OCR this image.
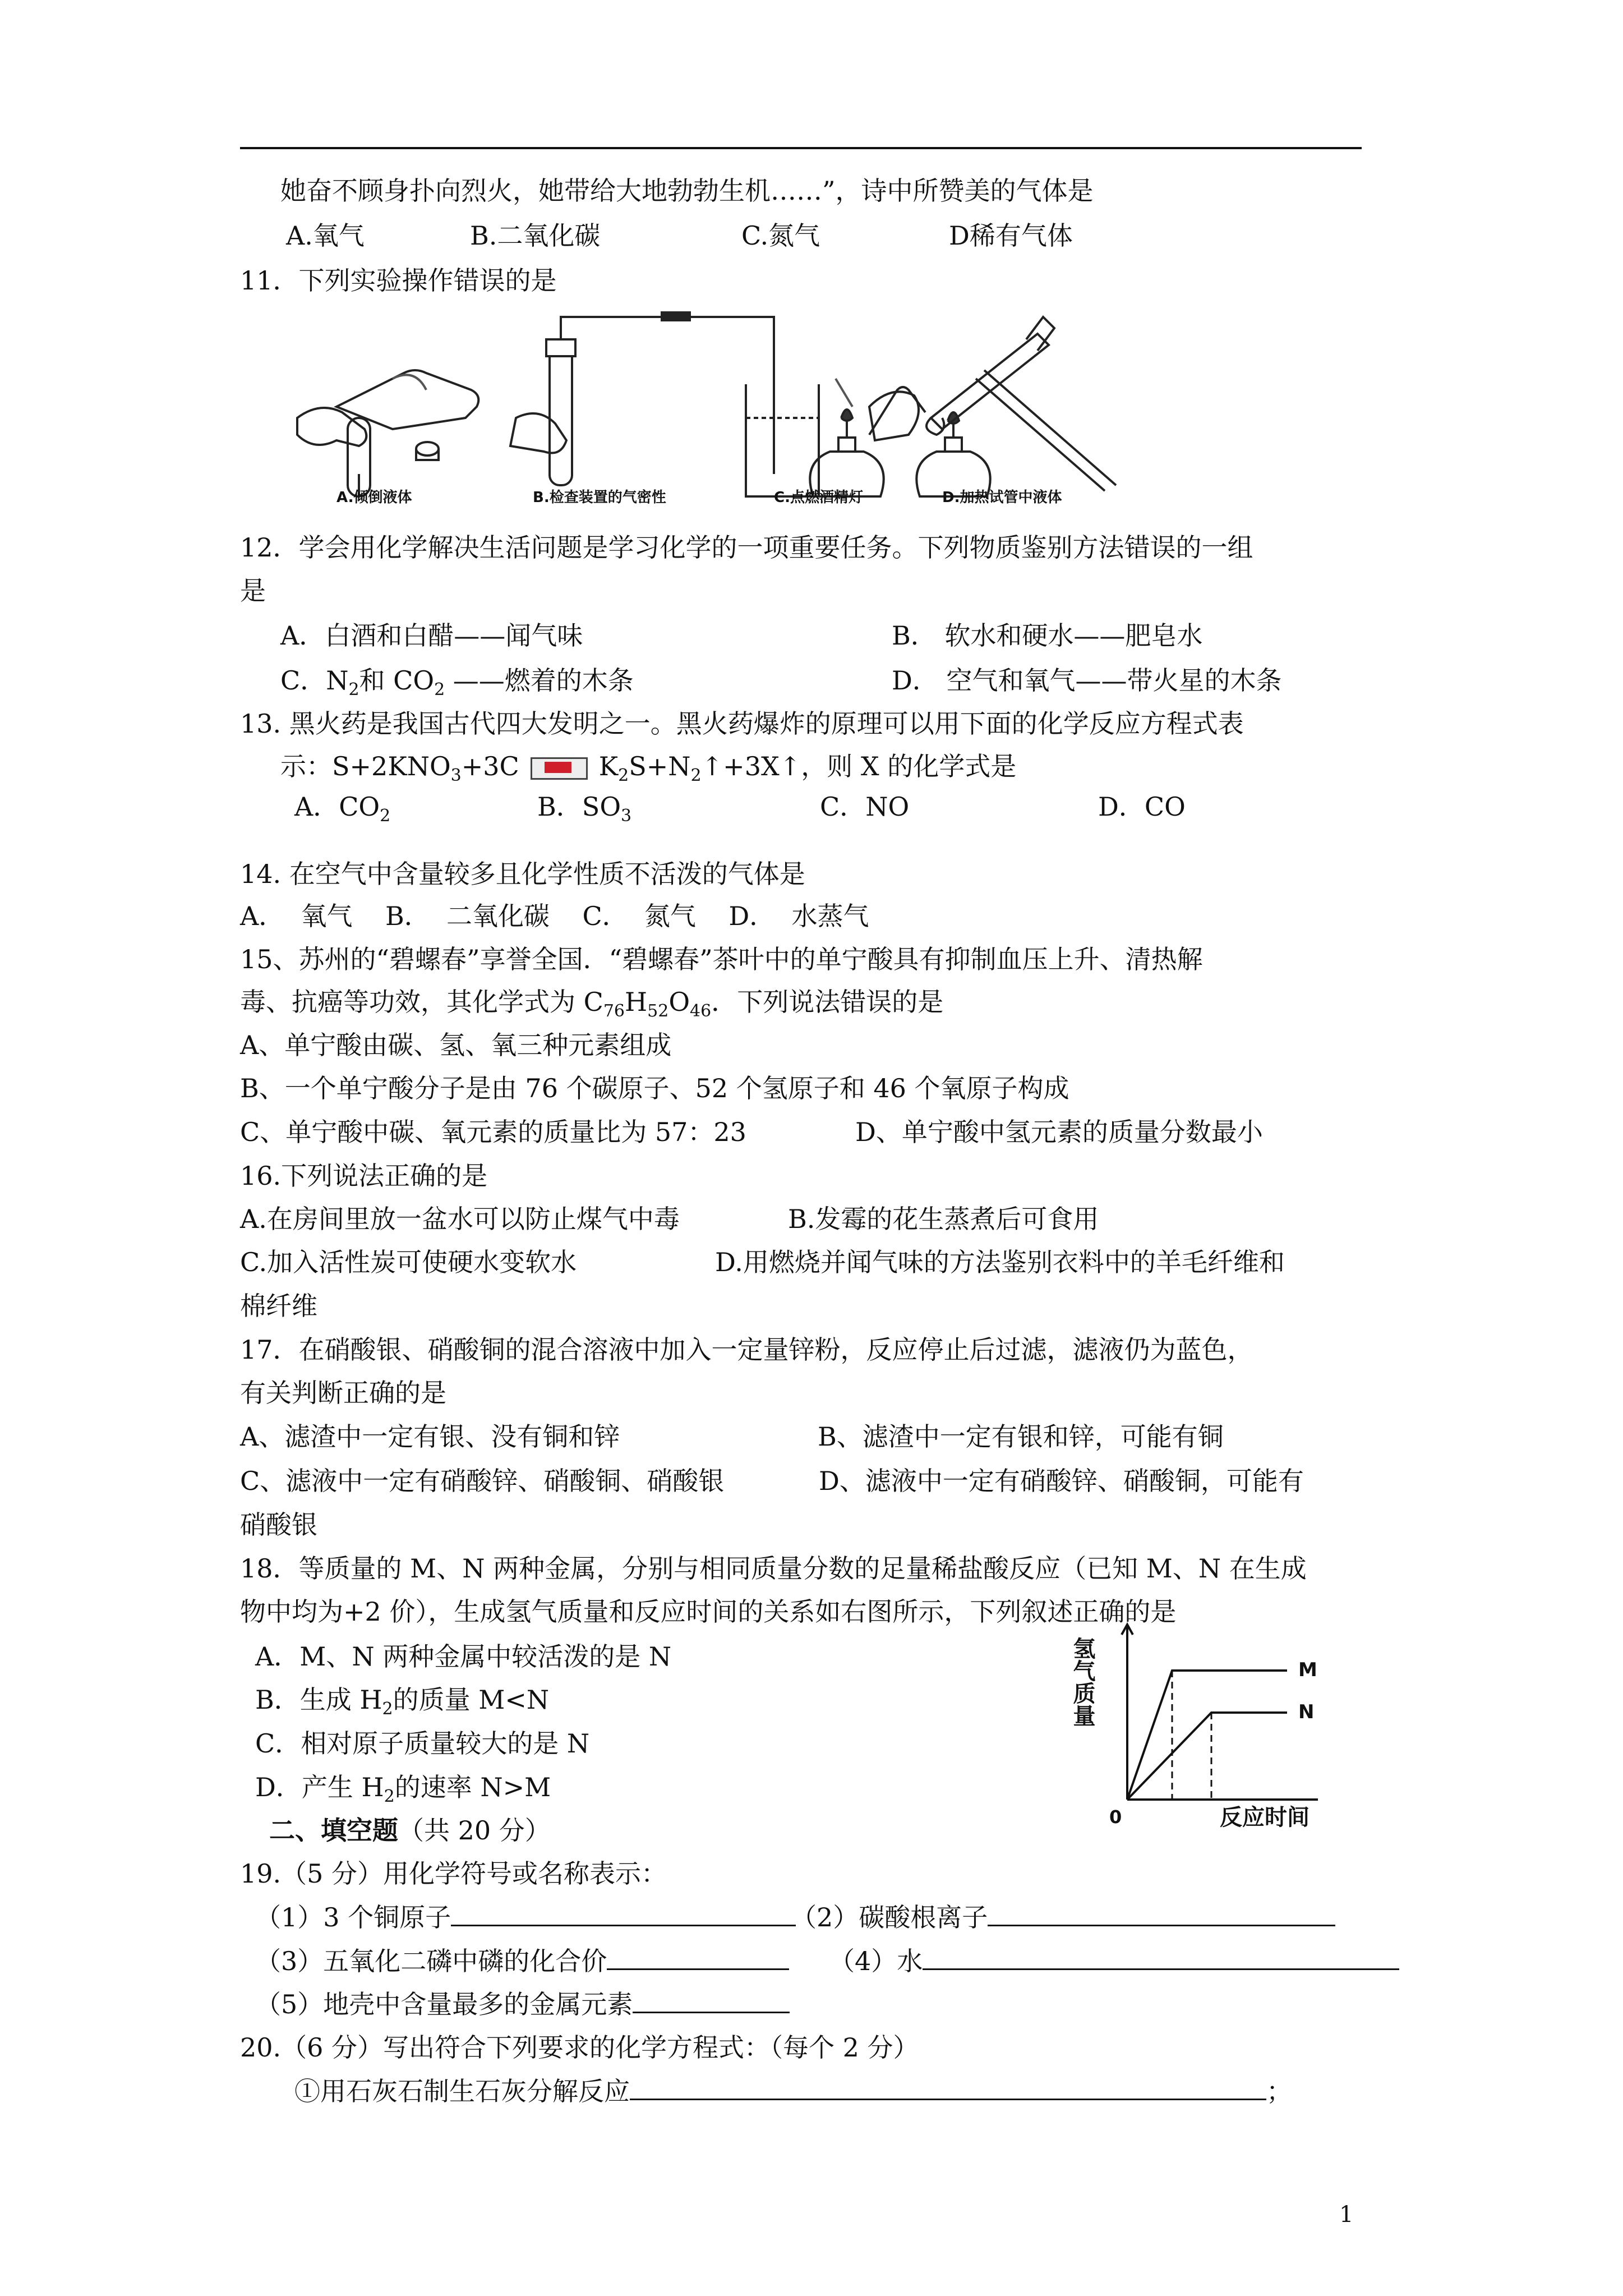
她奋不顾身扑向烈火，她带给大地勃勃生机……”，诗中所赞美的气体是
A.氧气	B.二氧化碳	C.氮气	D稀有气体
11．下列实验操作错误的是
A.倾倒液体	B.检查装置的气密性	C.点燃酒精灯	D.加热试管中液体
12．学会用化学解决生活问题是学习化学的一项重要任务。下列物质鉴别方法错误的一组
是
A．白酒和白醋——闻气味	B． 软水和硬水——肥皂水
C．$N_2$和 $CO_2$ ——燃着的木条	D． 空气和氧气——带火星的木条
13. 黑火药是我国古代四大发明之一。黑火药爆炸的原理可以用下面的化学反应方程式表
示：$S+2KNO_3+3C$	$K_2S+N_2↑+3X↑$，则 X 的化学式是
A．$CO_2$	B．$SO_3$	C．NO	D．CO
14. 在空气中含量较多且化学性质不活泼的气体是
A．  氧气    B．  二氧化碳    C．  氮气    D．  水蒸气
15、苏州的“碧螺春”享誉全国．“碧螺春”茶叶中的单宁酸具有抑制血压上升、清热解
毒、抗癌等功效，其化学式为 $C_{76}H_{52}O_{46}$．下列说法错误的是
A、单宁酸由碳、氢、氧三种元素组成
B、一个单宁酸分子是由 76 个碳原子、52 个氢原子和 46 个氧原子构成
C、单宁酸中碳、氧元素的质量比为 57：23	D、单宁酸中氢元素的质量分数最小
16.下列说法正确的是
A.在房间里放一盆水可以防止煤气中毒	B.发霉的花生蒸煮后可食用
C.加入活性炭可使硬水变软水	D.用燃烧并闻气味的方法鉴别衣料中的羊毛纤维和
棉纤维
17．在硝酸银、硝酸铜的混合溶液中加入一定量锌粉，反应停止后过滤，滤液仍为蓝色，
有关判断正确的是
A、滤渣中一定有银、没有铜和锌	B、滤渣中一定有银和锌，可能有铜
C、滤液中一定有硝酸锌、硝酸铜、硝酸银	D、滤液中一定有硝酸锌、硝酸铜，可能有
硝酸银
18．等质量的 M、N 两种金属，分别与相同质量分数的足量稀盐酸反应（已知 M、N 在生成
物中均为+2 价），生成氢气质量和反应时间的关系如右图所示，下列叙述正确的是
A．M、N 两种金属中较活泼的是 N
B．生成 $H_2$的质量 M<N
C．相对原子质量较大的是 N
D．产生 $H_2$的速率 N>M
M
N
0	反应时间
氢气质量
二、填空题（共 20 分）
19.（5 分）用化学符号或名称表示：
（1）3 个铜原子	（2）碳酸根离子
（3）五氧化二磷中磷的化合价	（4）水
（5）地壳中含量最多的金属元素
20.（6 分）写出符合下列要求的化学方程式：（每个 2 分）
①用石灰石制生石灰分解反应	；
1
